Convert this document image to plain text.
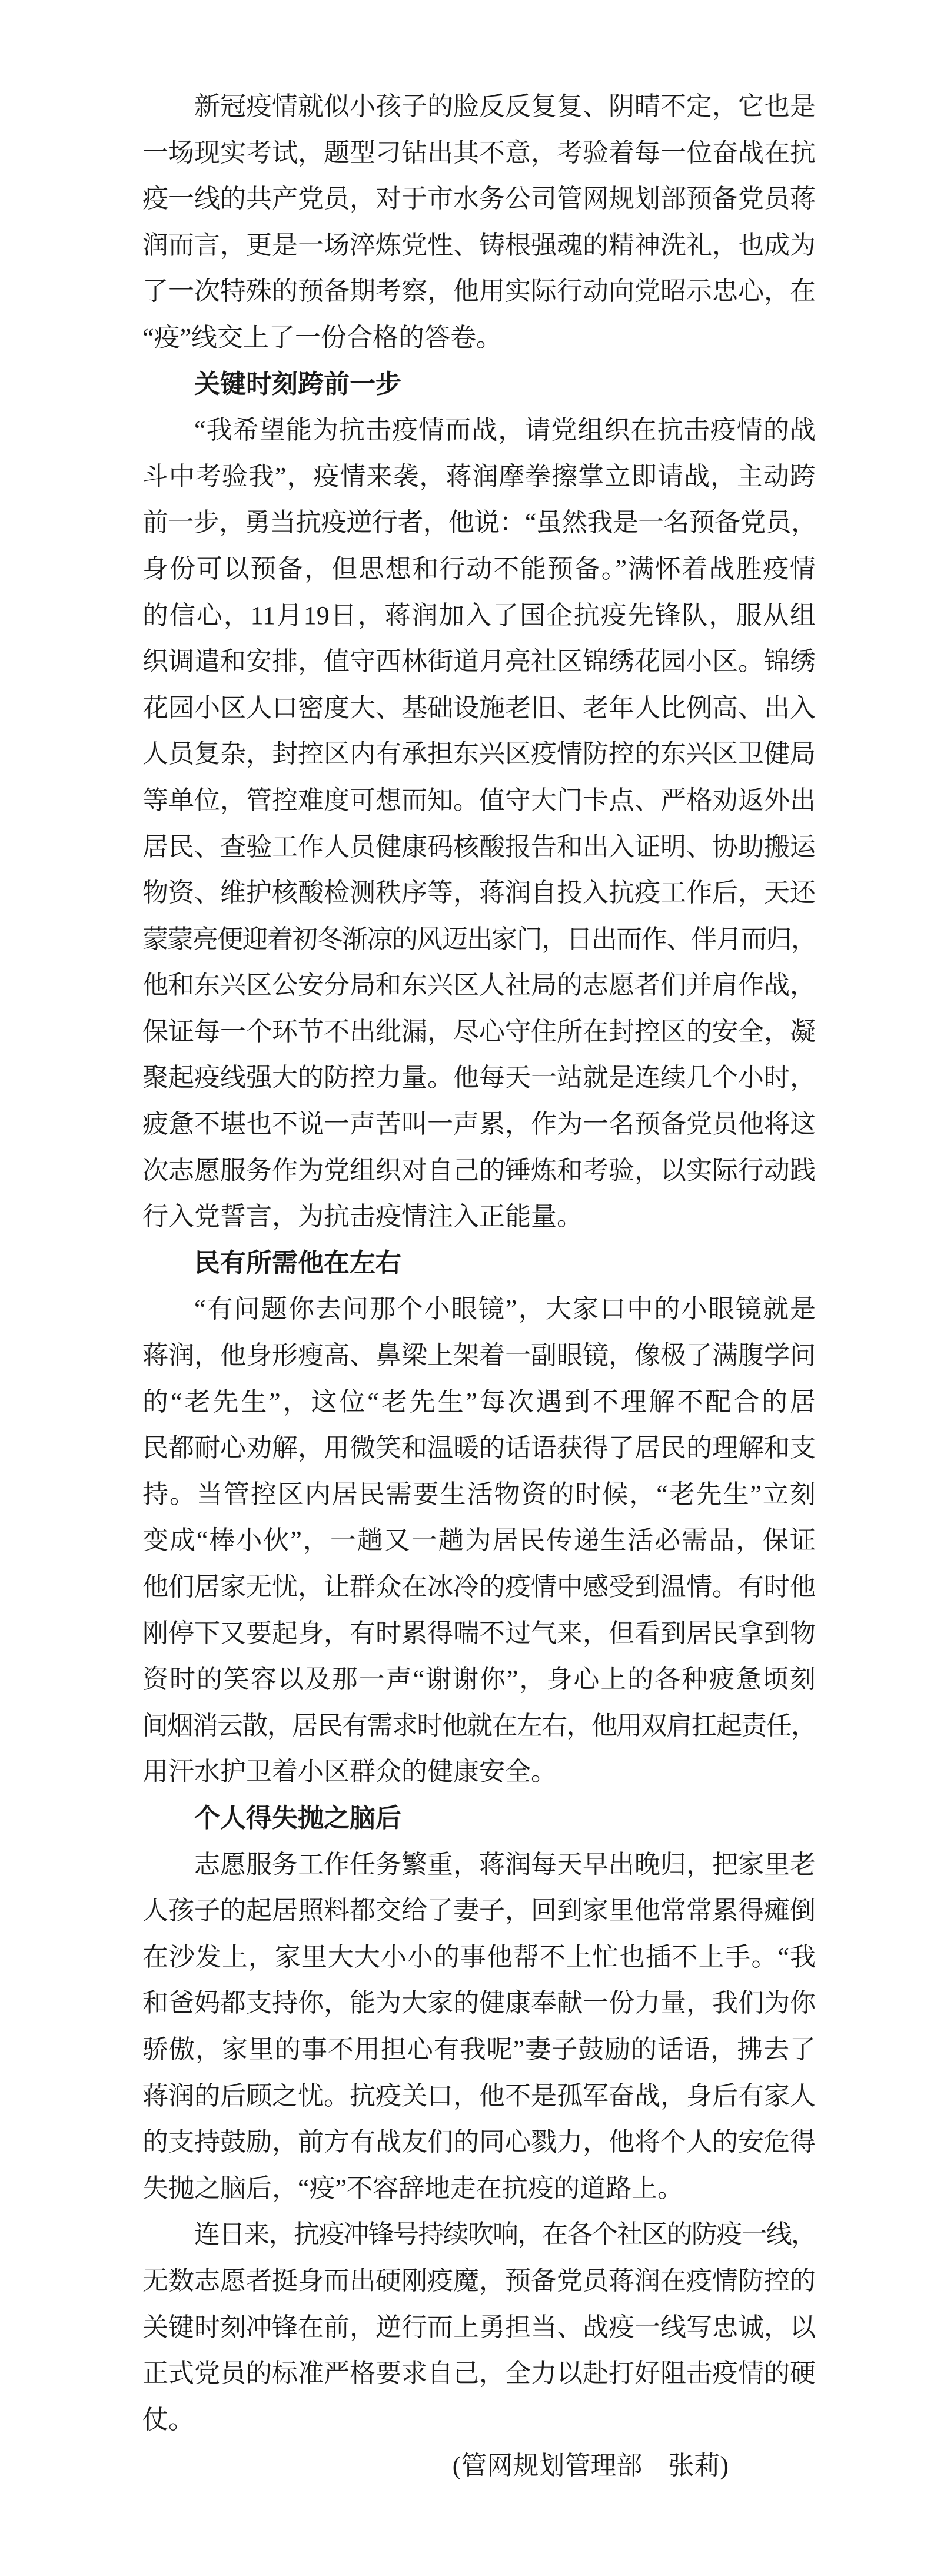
新冠疫情就似小孩子的脸反反复复、阴晴不定，它也是
一场现实考试，题型刁钻出其不意，考验着每一位奋战在抗
疫一线的共产党员，对于市水务公司管网规划部预备党员蒋
润而言，更是一场淬炼党性、铸根强魂的精神洗礼，也成为
了一次特殊的预备期考察，他用实际行动向党昭示忠心，在
“疫”线交上了一份合格的答卷。
关键时刻跨前一步
“我希望能为抗击疫情而战，请党组织在抗击疫情的战
斗中考验我”，疫情来袭，蒋润摩拳擦掌立即请战，主动跨
前一步，勇当抗疫逆行者，他说：“虽然我是一名预备党员，
身份可以预备，但思想和行动不能预备。”满怀着战胜疫情
的信心，11月19日，蒋润加入了国企抗疫先锋队，服从组
织调遣和安排，值守西林街道月亮社区锦绣花园小区。锦绣
花园小区人口密度大、基础设施老旧、老年人比例高、出入
人员复杂，封控区内有承担东兴区疫情防控的东兴区卫健局
等单位，管控难度可想而知。值守大门卡点、严格劝返外出
居民、查验工作人员健康码核酸报告和出入证明、协助搬运
物资、维护核酸检测秩序等，蒋润自投入抗疫工作后，天还
蒙蒙亮便迎着初冬渐凉的风迈出家门，日出而作、伴月而归，
他和东兴区公安分局和东兴区人社局的志愿者们并肩作战，
保证每一个环节不出纰漏，尽心守住所在封控区的安全，凝
聚起疫线强大的防控力量。他每天一站就是连续几个小时，
疲惫不堪也不说一声苦叫一声累，作为一名预备党员他将这
次志愿服务作为党组织对自己的锤炼和考验，以实际行动践
行入党誓言，为抗击疫情注入正能量。
民有所需他在左右
“有问题你去问那个小眼镜”，大家口中的小眼镜就是
蒋润，他身形瘦高、鼻梁上架着一副眼镜，像极了满腹学问
的“老先生”，这位“老先生”每次遇到不理解不配合的居
民都耐心劝解，用微笑和温暖的话语获得了居民的理解和支
持。当管控区内居民需要生活物资的时候，“老先生”立刻
变成“棒小伙”，一趟又一趟为居民传递生活必需品，保证
他们居家无忧，让群众在冰冷的疫情中感受到温情。有时他
刚停下又要起身，有时累得喘不过气来，但看到居民拿到物
资时的笑容以及那一声“谢谢你”，身心上的各种疲惫顷刻
间烟消云散，居民有需求时他就在左右，他用双肩扛起责任，
用汗水护卫着小区群众的健康安全。
个人得失抛之脑后
志愿服务工作任务繁重，蒋润每天早出晚归，把家里老
人孩子的起居照料都交给了妻子，回到家里他常常累得瘫倒
在沙发上，家里大大小小的事他帮不上忙也插不上手。“我
和爸妈都支持你，能为大家的健康奉献一份力量，我们为你
骄傲，家里的事不用担心有我呢”妻子鼓励的话语，拂去了
蒋润的后顾之忧。抗疫关口，他不是孤军奋战，身后有家人
的支持鼓励，前方有战友们的同心戮力，他将个人的安危得
失抛之脑后，“疫”不容辞地走在抗疫的道路上。
连日来，抗疫冲锋号持续吹响，在各个社区的防疫一线，
无数志愿者挺身而出硬刚疫魔，预备党员蒋润在疫情防控的
关键时刻冲锋在前，逆行而上勇担当、战疫一线写忠诚，以
正式党员的标准严格要求自己，全力以赴打好阻击疫情的硬
仗。
(管网规划管理部　张莉)
